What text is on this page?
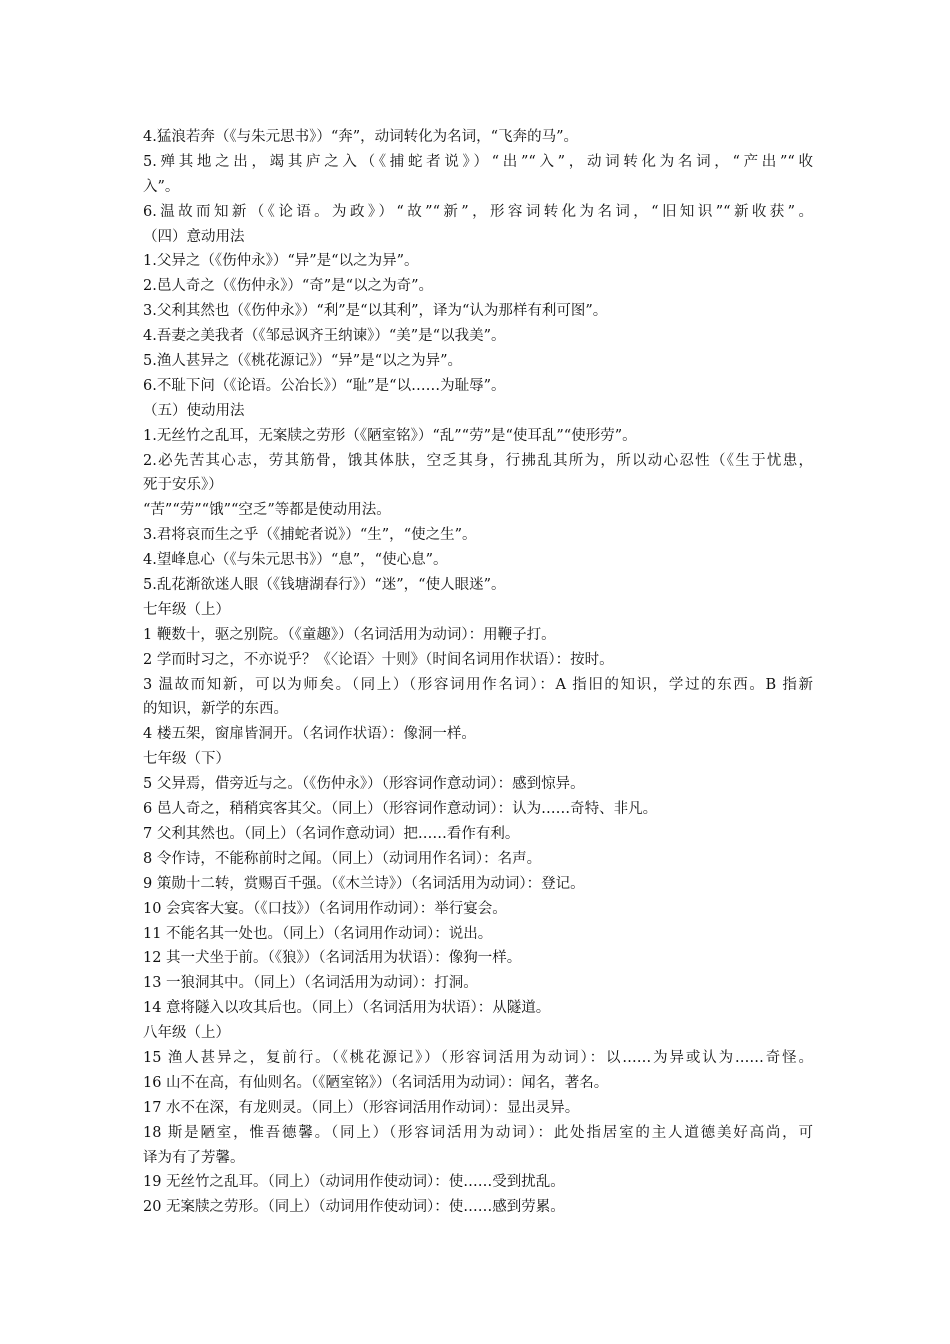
4.猛浪若奔（《与朱元思书》）“奔”，动词转化为名词，“飞奔的马”。
5.殚其地之出，竭其庐之入（《捕蛇者说》）“出”“入”，动词转化为名词，“产出”“收
入”。
6.温故而知新（《论语。为政》）“故”“新”，形容词转化为名词，“旧知识”“新收获”。
（四）意动用法
1.父异之（《伤仲永》）“异”是“以之为异”。
2.邑人奇之（《伤仲永》）“奇”是“以之为奇”。
3.父利其然也（《伤仲永》）“利”是“以其利”，译为“认为那样有利可图”。
4.吾妻之美我者（《邹忌讽齐王纳谏》）“美”是“以我美”。
5.渔人甚异之（《桃花源记》）“异”是“以之为异”。
6.不耻下问（《论语。公冶长》）“耻”是“以……为耻辱”。
（五）使动用法
1.无丝竹之乱耳，无案牍之劳形（《陋室铭》）“乱”“劳”是“使耳乱”“使形劳”。
2.必先苦其心志，劳其筋骨，饿其体肤，空乏其身，行拂乱其所为，所以动心忍性（《生于忧患，
死于安乐》）
“苦”“劳”“饿”“空乏”等都是使动用法。
3.君将哀而生之乎（《捕蛇者说》）“生”，“使之生”。
4.望峰息心（《与朱元思书》）“息”，“使心息”。
5.乱花渐欲迷人眼（《钱塘湖春行》）“迷”，“使人眼迷”。
七年级（上）
1 鞭数十，驱之别院。（《童趣》）（名词活用为动词）：用鞭子打。
2 学而时习之，不亦说乎？《〈论语〉十则》（时间名词用作状语）：按时。
3 温故而知新，可以为师矣。（同上）（形容词用作名词）：A 指旧的知识，学过的东西。B 指新
的知识，新学的东西。
4 楼五架，窗扉皆洞开。（名词作状语）：像洞一样。
七年级（下）
5 父异焉，借旁近与之。（《伤仲永》）（形容词作意动词）：感到惊异。
6 邑人奇之，稍稍宾客其父。（同上）（形容词作意动词）：认为……奇特、非凡。
7 父利其然也。（同上）（名词作意动词）把……看作有利。
8 令作诗，不能称前时之闻。（同上）（动词用作名词）：名声。
9 策勋十二转，赏赐百千强。（《木兰诗》）（名词活用为动词）：登记。
10 会宾客大宴。（《口技》）（名词用作动词）：举行宴会。
11 不能名其一处也。（同上）（名词用作动词）：说出。
12 其一犬坐于前。（《狼》）（名词活用为状语）：像狗一样。
13 一狼洞其中。（同上）（名词活用为动词）：打洞。
14 意将隧入以攻其后也。（同上）（名词活用为状语）：从隧道。
八年级（上）
15 渔人甚异之，复前行。（《桃花源记》）（形容词活用为动词）：以……为异或认为……奇怪。
16 山不在高，有仙则名。（《陋室铭》）（名词活用为动词）：闻名，著名。
17 水不在深，有龙则灵。（同上）（形容词活用作动词）：显出灵异。
18 斯是陋室，惟吾德馨。（同上）（形容词活用为动词）：此处指居室的主人道德美好高尚，可
译为有了芳馨。
19 无丝竹之乱耳。（同上）（动词用作使动词）：使……受到扰乱。
20 无案牍之劳形。（同上）（动词用作使动词）：使……感到劳累。
